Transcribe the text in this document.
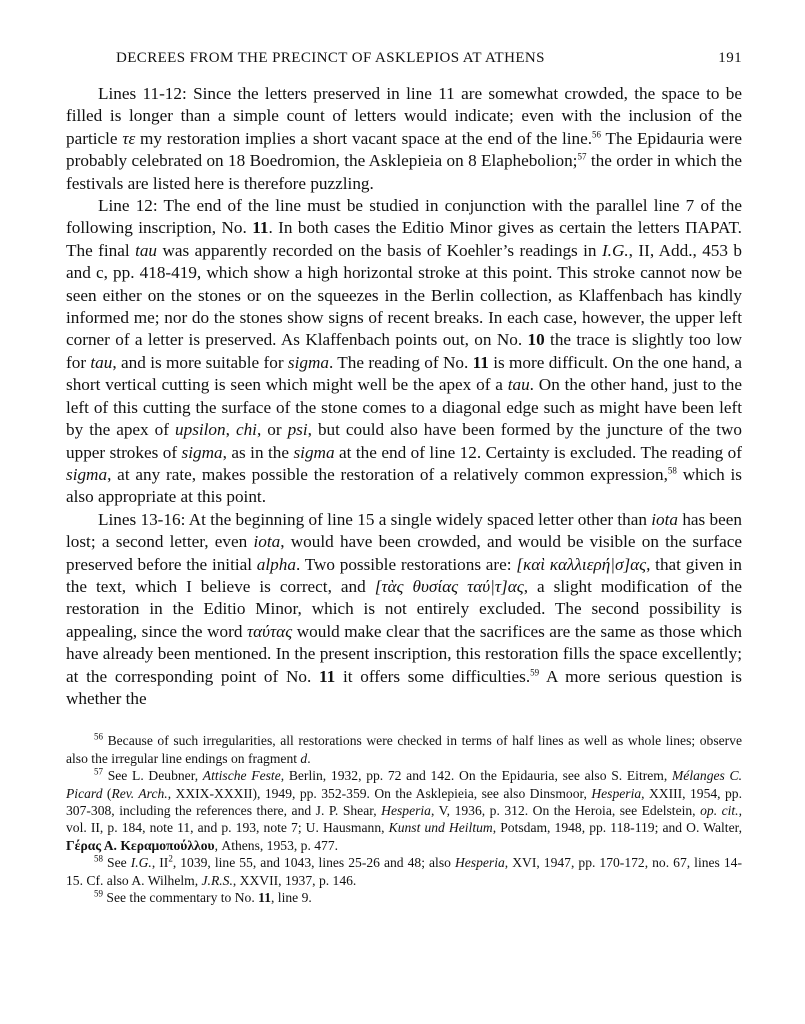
DECREES FROM THE PRECINCT OF ASKLEPIOS AT ATHENS	191

Lines 11-12: Since the letters preserved in line 11 are somewhat crowded, the space to be filled is longer than a simple count of letters would indicate; even with the inclusion of the particle τε my restoration implies a short vacant space at the end of the line.$^{56}$ The Epidauria were probably celebrated on 18 Boedromion, the Asklepieia on 8 Elaphebolion;$^{57}$ the order in which the festivals are listed here is therefore puzzling.

Line 12: The end of the line must be studied in conjunction with the parallel line 7 of the following inscription, No. 11. In both cases the Editio Minor gives as certain the letters ΠΑΡΑΤ. The final tau was apparently recorded on the basis of Koehler’s readings in I.G., II, Add., 453 b and c, pp. 418-419, which show a high horizontal stroke at this point. This stroke cannot now be seen either on the stones or on the squeezes in the Berlin collection, as Klaffenbach has kindly informed me; nor do the stones show signs of recent breaks. In each case, however, the upper left corner of a letter is preserved. As Klaffenbach points out, on No. 10 the trace is slightly too low for tau, and is more suitable for sigma. The reading of No. 11 is more difficult. On the one hand, a short vertical cutting is seen which might well be the apex of a tau. On the other hand, just to the left of this cutting the surface of the stone comes to a diagonal edge such as might have been left by the apex of upsilon, chi, or psi, but could also have been formed by the juncture of the two upper strokes of sigma, as in the sigma at the end of line 12. Certainty is excluded. The reading of sigma, at any rate, makes possible the restoration of a relatively common expression,$^{58}$ which is also appropriate at this point.

Lines 13-16: At the beginning of line 15 a single widely spaced letter other than iota has been lost; a second letter, even iota, would have been crowded, and would be visible on the surface preserved before the initial alpha. Two possible restorations are: [καὶ καλλιερή|σ]ας, that given in the text, which I believe is correct, and [τὰς θυσίας ταύ|τ]ας, a slight modification of the restoration in the Editio Minor, which is not entirely excluded. The second possibility is appealing, since the word ταύτας would make clear that the sacrifices are the same as those which have already been mentioned. In the present inscription, this restoration fills the space excellently; at the corresponding point of No. 11 it offers some difficulties.$^{59}$ A more serious question is whether the

$^{56}$ Because of such irregularities, all restorations were checked in terms of half lines as well as whole lines; observe also the irregular line endings on fragment d.

$^{57}$ See L. Deubner, Attische Feste, Berlin, 1932, pp. 72 and 142. On the Epidauria, see also S. Eitrem, Mélanges C. Picard (Rev. Arch., XXIX-XXXII), 1949, pp. 352-359. On the Asklepieia, see also Dinsmoor, Hesperia, XXIII, 1954, pp. 307-308, including the references there, and J. P. Shear, Hesperia, V, 1936, p. 312. On the Heroia, see Edelstein, op. cit., vol. II, p. 184, note 11, and p. 193, note 7; U. Hausmann, Kunst und Heiltum, Potsdam, 1948, pp. 118-119; and O. Walter, Γέρας Α. Κεραμοπούλλου, Athens, 1953, p. 477.

$^{58}$ See I.G., $II^2$, 1039, line 55, and 1043, lines 25-26 and 48; also Hesperia, XVI, 1947, pp. 170-172, no. 67, lines 14-15. Cf. also A. Wilhelm, J.R.S., XXVII, 1937, p. 146.

$^{59}$ See the commentary to No. 11, line 9.
